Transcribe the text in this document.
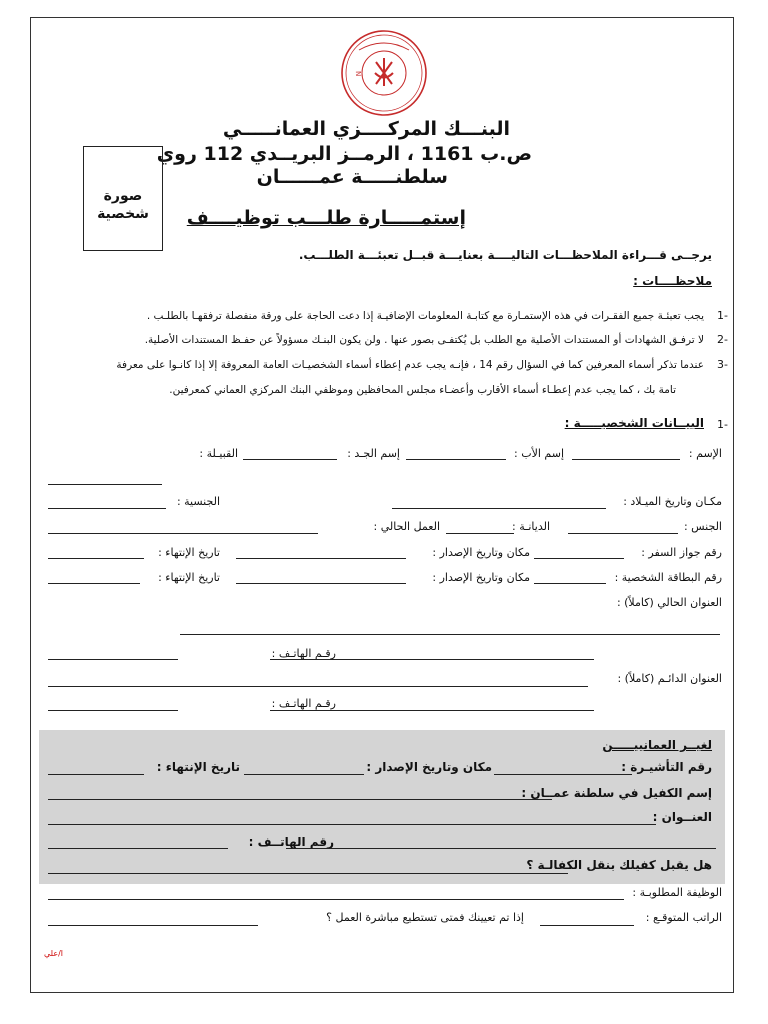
N
البنـــك المركــــزي العمانـــــي
ص.ب 1161 ، الرمــز البريــدي 112 روي
سلطنـــــة عمــــــان
إستمـــــارة طلـــب توظيــــف
صورة
شخصية
يرجــى قـــراءة الملاحظـــات التاليــــة بعنايـــة قبــل تعبئـــة الطلـــب.
ملاحظــــات :
-1
يجب تعبئـة جميع الفقـرات في هذه الإستمـارة مع كتابـة المعلومات الإضافيـة إذا دعت الحاجة على ورقة منفصلة ترفقهـا بالطلـب .
-2
لا ترفـق الشهادات أو المستندات الأصلية مع الطلب بل يُكتفـى بصور عنها . ولن يكون البنـك مسؤولاً عن حفـظ المستندات الأصلية.
-3
عندما تذكر أسماء المعرفين كما في السؤال رقم 14 ، فإنـه يجب عدم إعطاء أسماء الشخصيـات العامة المعروفة إلا إذا كانـوا على معرفة
تامة بك ، كما يجب عدم إعطـاء أسماء الأقارب وأعضـاء مجلس المحافظين وموظفي البنك المركزي العماني كمعرفين.
-1
البيــانات الشخصيـــــة :
الإسم :
إسم الأب :
إسم الجـد :
القبيـلة :
مكـان وتاريخ الميـلاد :
الجنسية :
الجنس :
الديانـة :
العمل الحالي :
رقم جواز السفر :
مكان وتاريخ الإصدار :
تاريخ الإنتهاء :
رقم البطاقة الشخصية :
مكان وتاريخ الإصدار :
تاريخ الإنتهاء :
العنوان الحالي (كاملاً) :
رقـم الهاتـف :
العنوان الدائـم (كاملاً) :
رقـم الهاتـف :
لغيــر العمانييـــــن
رقم التأشيـرة :
مكان وتاريخ الإصدار :
تاريخ الإنتهاء :
إسم الكفيل في سلطنة عمــان :
العنــوان :
رقم الهاتــف :
هل يقبل كفيلك بنقل الكفالـة ؟
الوظيفة المطلوبـة :
الراتب المتوقـع :
إذا تم تعيينك فمتى تستطيع مباشرة العمل ؟
ا/علي
